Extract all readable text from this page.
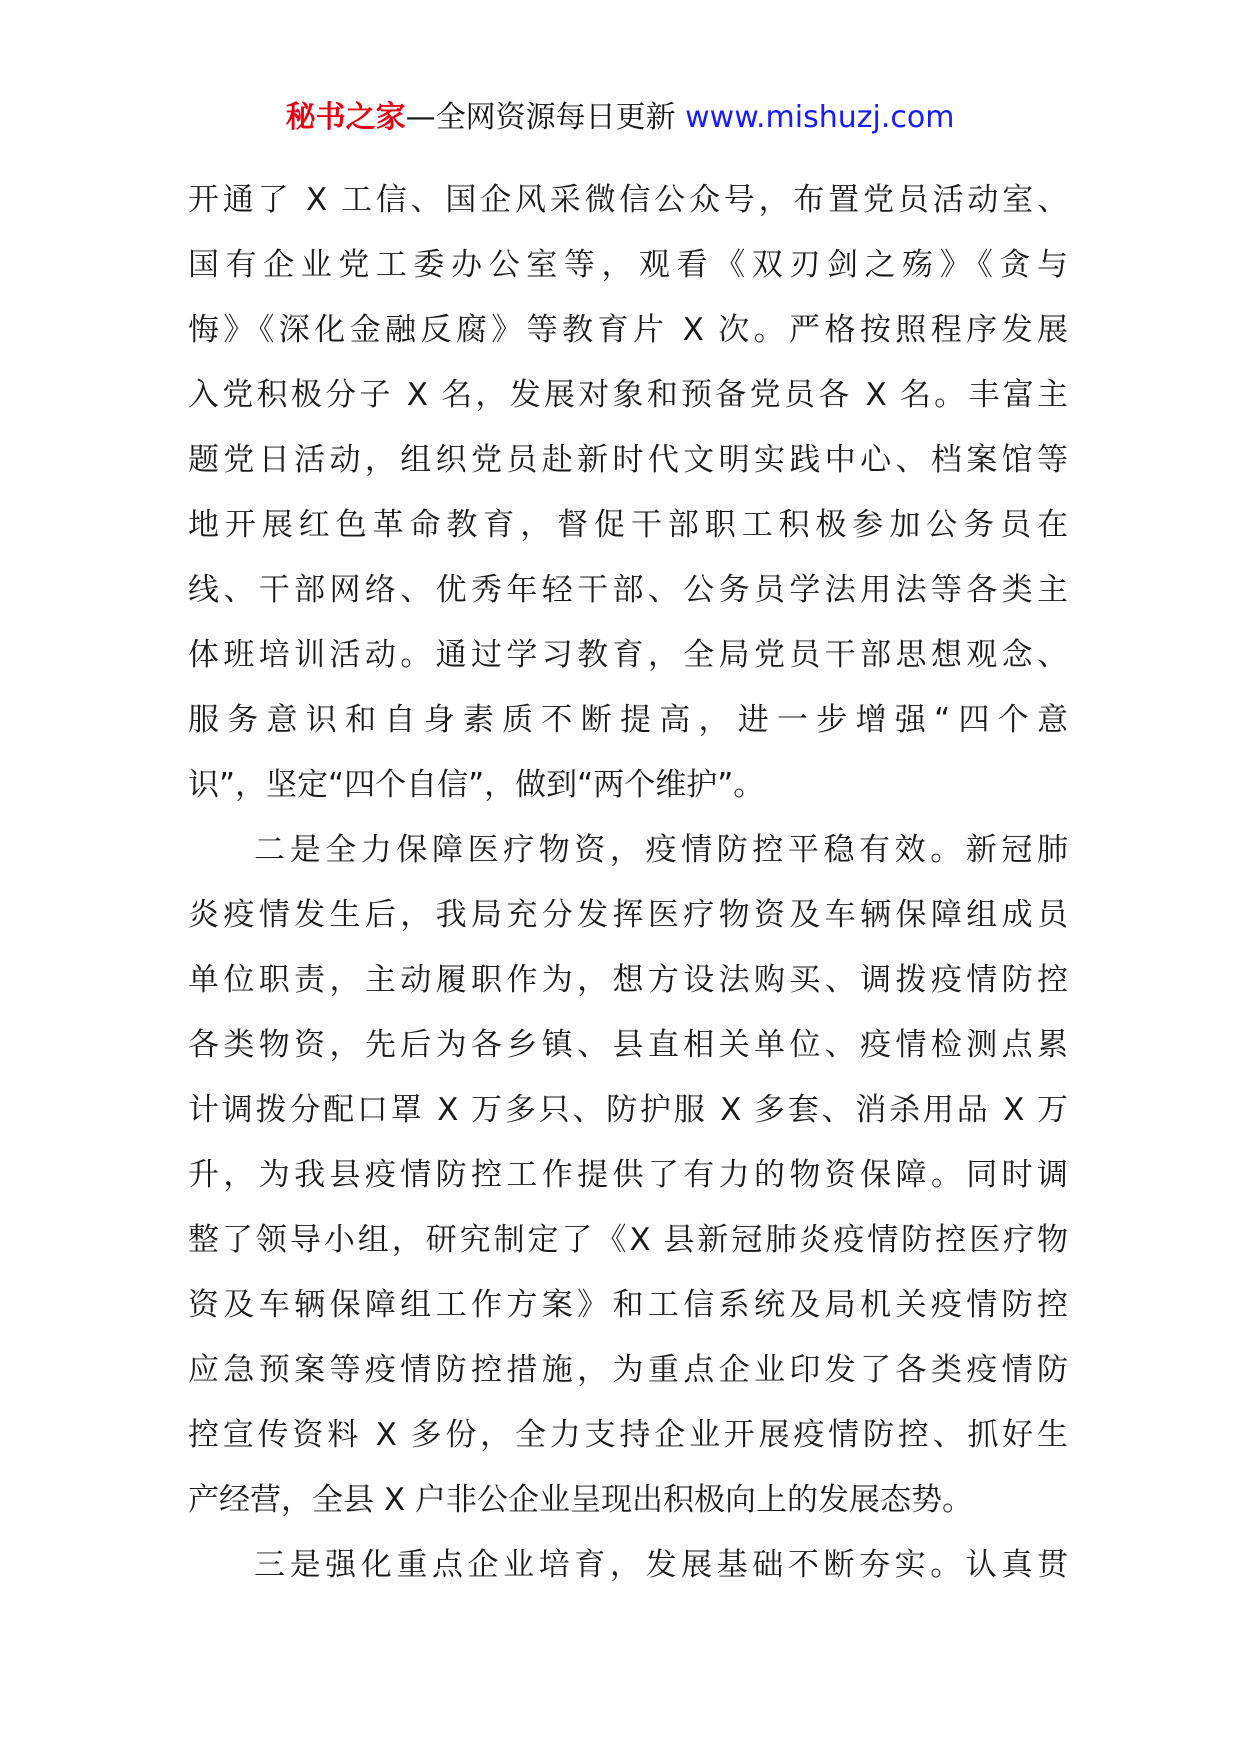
秘书之家—全网资源每日更新 www.mishuzj.com
开通了 X 工信、国企风采微信公众号，布置党员活动室、
国有企业党工委办公室等，观看《双刃剑之殇》《贪与
悔》《深化金融反腐》等教育片 X 次。严格按照程序发展
入党积极分子 X 名，发展对象和预备党员各 X 名。丰富主
题党日活动，组织党员赴新时代文明实践中心、档案馆等
地开展红色革命教育，督促干部职工积极参加公务员在
线、干部网络、优秀年轻干部、公务员学法用法等各类主
体班培训活动。通过学习教育，全局党员干部思想观念、
服务意识和自身素质不断提高，进一步增强“四个意
识”，坚定“四个自信”，做到“两个维护”。
二是全力保障医疗物资，疫情防控平稳有效。新冠肺
炎疫情发生后，我局充分发挥医疗物资及车辆保障组成员
单位职责，主动履职作为，想方设法购买、调拨疫情防控
各类物资，先后为各乡镇、县直相关单位、疫情检测点累
计调拨分配口罩 X 万多只、防护服 X 多套、消杀用品 X 万
升，为我县疫情防控工作提供了有力的物资保障。同时调
整了领导小组，研究制定了《X 县新冠肺炎疫情防控医疗物
资及车辆保障组工作方案》和工信系统及局机关疫情防控
应急预案等疫情防控措施，为重点企业印发了各类疫情防
控宣传资料 X 多份，全力支持企业开展疫情防控、抓好生
产经营，全县 X 户非公企业呈现出积极向上的发展态势。
三是强化重点企业培育，发展基础不断夯实。认真贯
